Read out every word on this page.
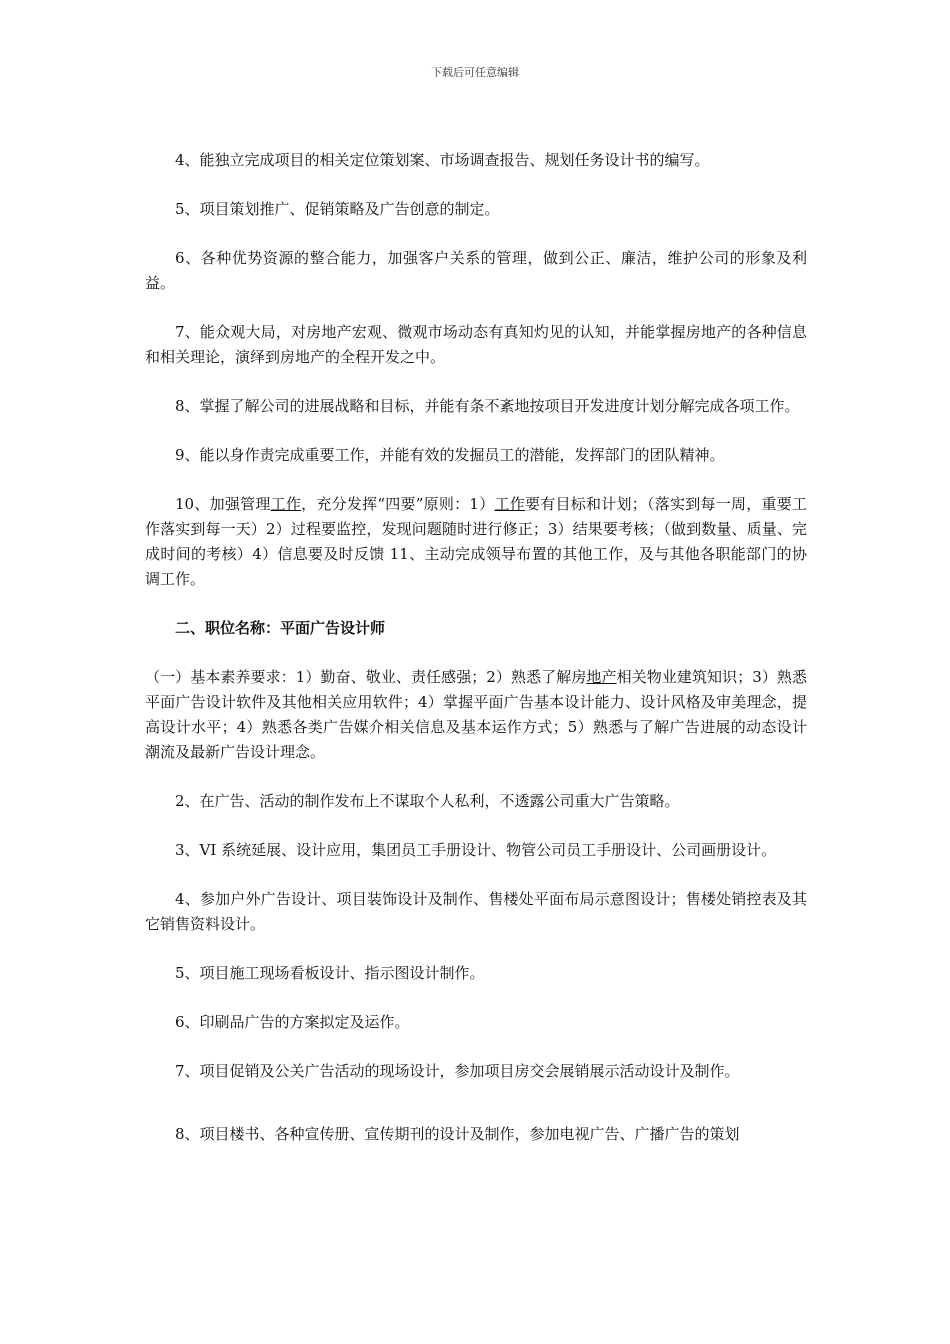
下载后可任意编辑

4、能独立完成项目的相关定位策划案、市场调查报告、规划任务设计书的编写。

5、项目策划推广、促销策略及广告创意的制定。

6、各种优势资源的整合能力，加强客户关系的管理，做到公正、廉洁，维护公司的形象及利益。

7、能众观大局，对房地产宏观、微观市场动态有真知灼见的认知，并能掌握房地产的各种信息和相关理论，演绎到房地产的全程开发之中。

8、掌握了解公司的进展战略和目标，并能有条不紊地按项目开发进度计划分解完成各项工作。

9、能以身作责完成重要工作，并能有效的发掘员工的潜能，发挥部门的团队精神。

10、加强管理工作，充分发挥“四要”原则：1）工作要有目标和计划；（落实到每一周，重要工作落实到每一天）2）过程要监控，发现问题随时进行修正；3）结果要考核；（做到数量、质量、完成时间的考核）4）信息要及时反馈 11、主动完成领导布置的其他工作，及与其他各职能部门的协调工作。

二、职位名称：平面广告设计师

（一）基本素养要求：1）勤奋、敬业、责任感强；2）熟悉了解房地产相关物业建筑知识；3）熟悉平面广告设计软件及其他相关应用软件；4）掌握平面广告基本设计能力、设计风格及审美理念，提高设计水平；4）熟悉各类广告媒介相关信息及基本运作方式；5）熟悉与了解广告进展的动态设计潮流及最新广告设计理念。

2、在广告、活动的制作发布上不谋取个人私利，不透露公司重大广告策略。

3、VI 系统延展、设计应用，集团员工手册设计、物管公司员工手册设计、公司画册设计。

4、参加户外广告设计、项目装饰设计及制作、售楼处平面布局示意图设计；售楼处销控表及其它销售资料设计。

5、项目施工现场看板设计、指示图设计制作。

6、印刷品广告的方案拟定及运作。

7、项目促销及公关广告活动的现场设计，参加项目房交会展销展示活动设计及制作。

8、项目楼书、各种宣传册、宣传期刊的设计及制作，参加电视广告、广播广告的策划
